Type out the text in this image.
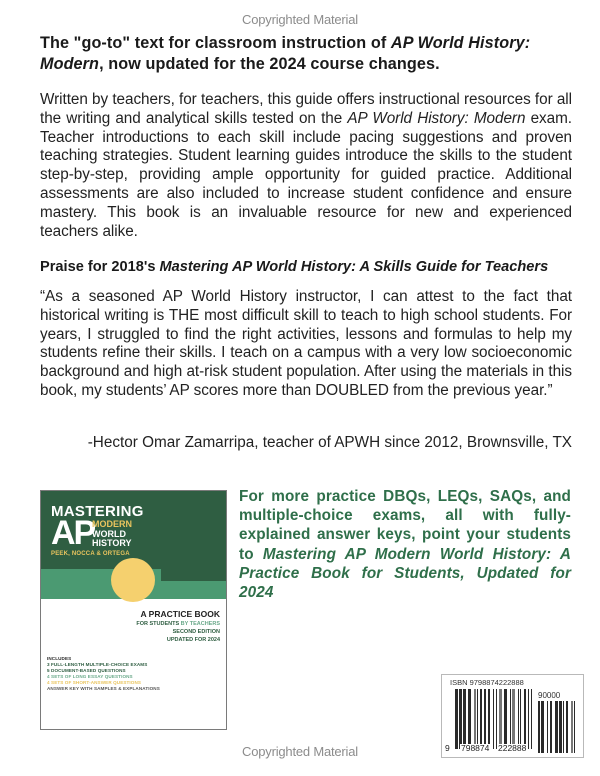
Copyrighted Material
The "go-to" text for classroom instruction of AP World History: Modern, now updated for the 2024 course changes.
Written by teachers, for teachers, this guide offers instructional resources for all the writing and analytical skills tested on the AP World History: Modern exam. Teacher introductions to each skill include pacing suggestions and proven teaching strategies. Student learning guides introduce the skills to the student step-by-step, providing ample opportunity for guided practice. Additional assessments are also included to increase student confidence and ensure mastery. This book is an invaluable resource for new and experienced teachers alike.
Praise for 2018's Mastering AP World History: A Skills Guide for Teachers
“As a seasoned AP World History instructor, I can attest to the fact that historical writing is THE most difficult skill to teach to high school students. For years, I struggled to find the right activities, lessons and formulas to help my students refine their skills. I teach on a campus with a very low socioeconomic background and high at-risk student population. After using the materials in this book, my students’ AP scores more than DOUBLED from the previous year.”
-Hector Omar Zamarripa, teacher of APWH since 2012, Brownsville, TX
MASTERING
AP
MODERN
WORLD
HISTORY
PEEK, NOCCA & ORTEGA
A PRACTICE BOOK
FOR STUDENTS BY TEACHERS
SECOND EDITION
UPDATED FOR 2024
INCLUDES
3 FULL-LENGTH MULTIPLE-CHOICE EXAMS
5 DOCUMENT-BASED QUESTIONS
4 SETS OF LONG ESSAY QUESTIONS
4 SETS OF SHORT-ANSWER QUESTIONS
ANSWER KEY WITH SAMPLES & EXPLANATIONS
For more practice DBQs, LEQs, SAQs, and multiple-choice exams, all with fully-explained answer keys, point your students to Mastering AP Modern World History: A Practice Book for Students, Updated for 2024
ISBN 9798874222888
90000
9 798874 222888
Copyrighted Material
